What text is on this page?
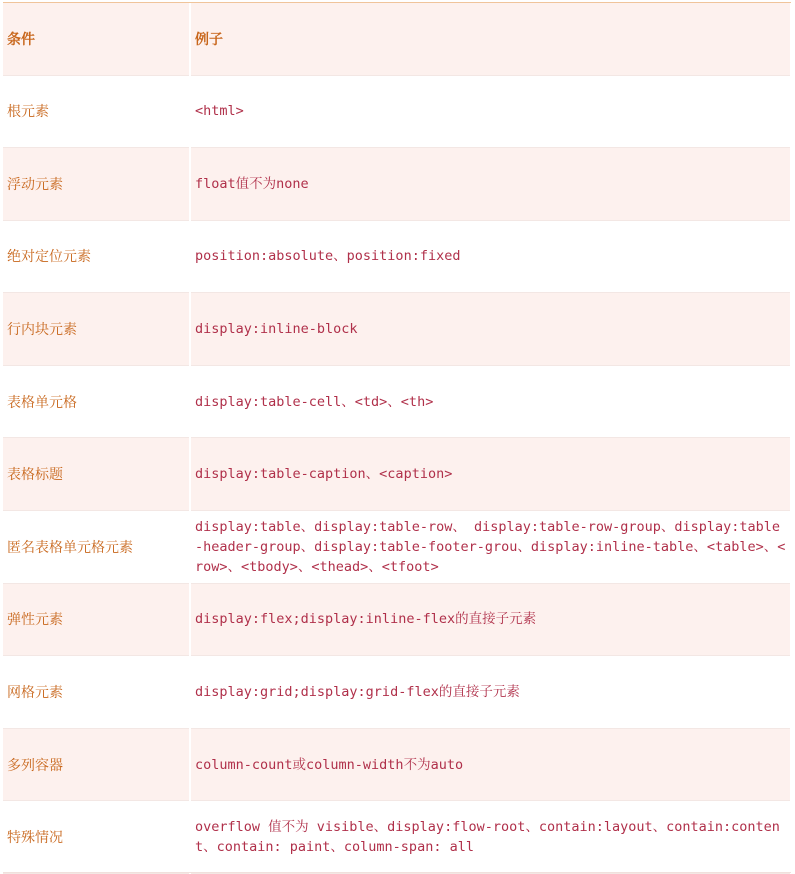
条件	例子
根元素	<html>
浮动元素	float值不为none
绝对定位元素	position:absolute、position:fixed
行内块元素	display:inline-block
表格单元格	display:table-cell、<td>、<th>
表格标题	display:table-caption、<caption>
匿名表格单元格元素	display:table、display:table-row、 display:table-row-group、display:table-header-group、display:table-footer-grou、display:inline-table、<table>、<row>、<tbody>、<thead>、<tfoot>
弹性元素	display:flex;display:inline-flex的直接子元素
网格元素	display:grid;display:grid-flex的直接子元素
多列容器	column-count或column-width不为auto
特殊情况	overflow 值不为 visible、display:flow-root、contain:layout、contain:content、contain: paint、column-span: all
